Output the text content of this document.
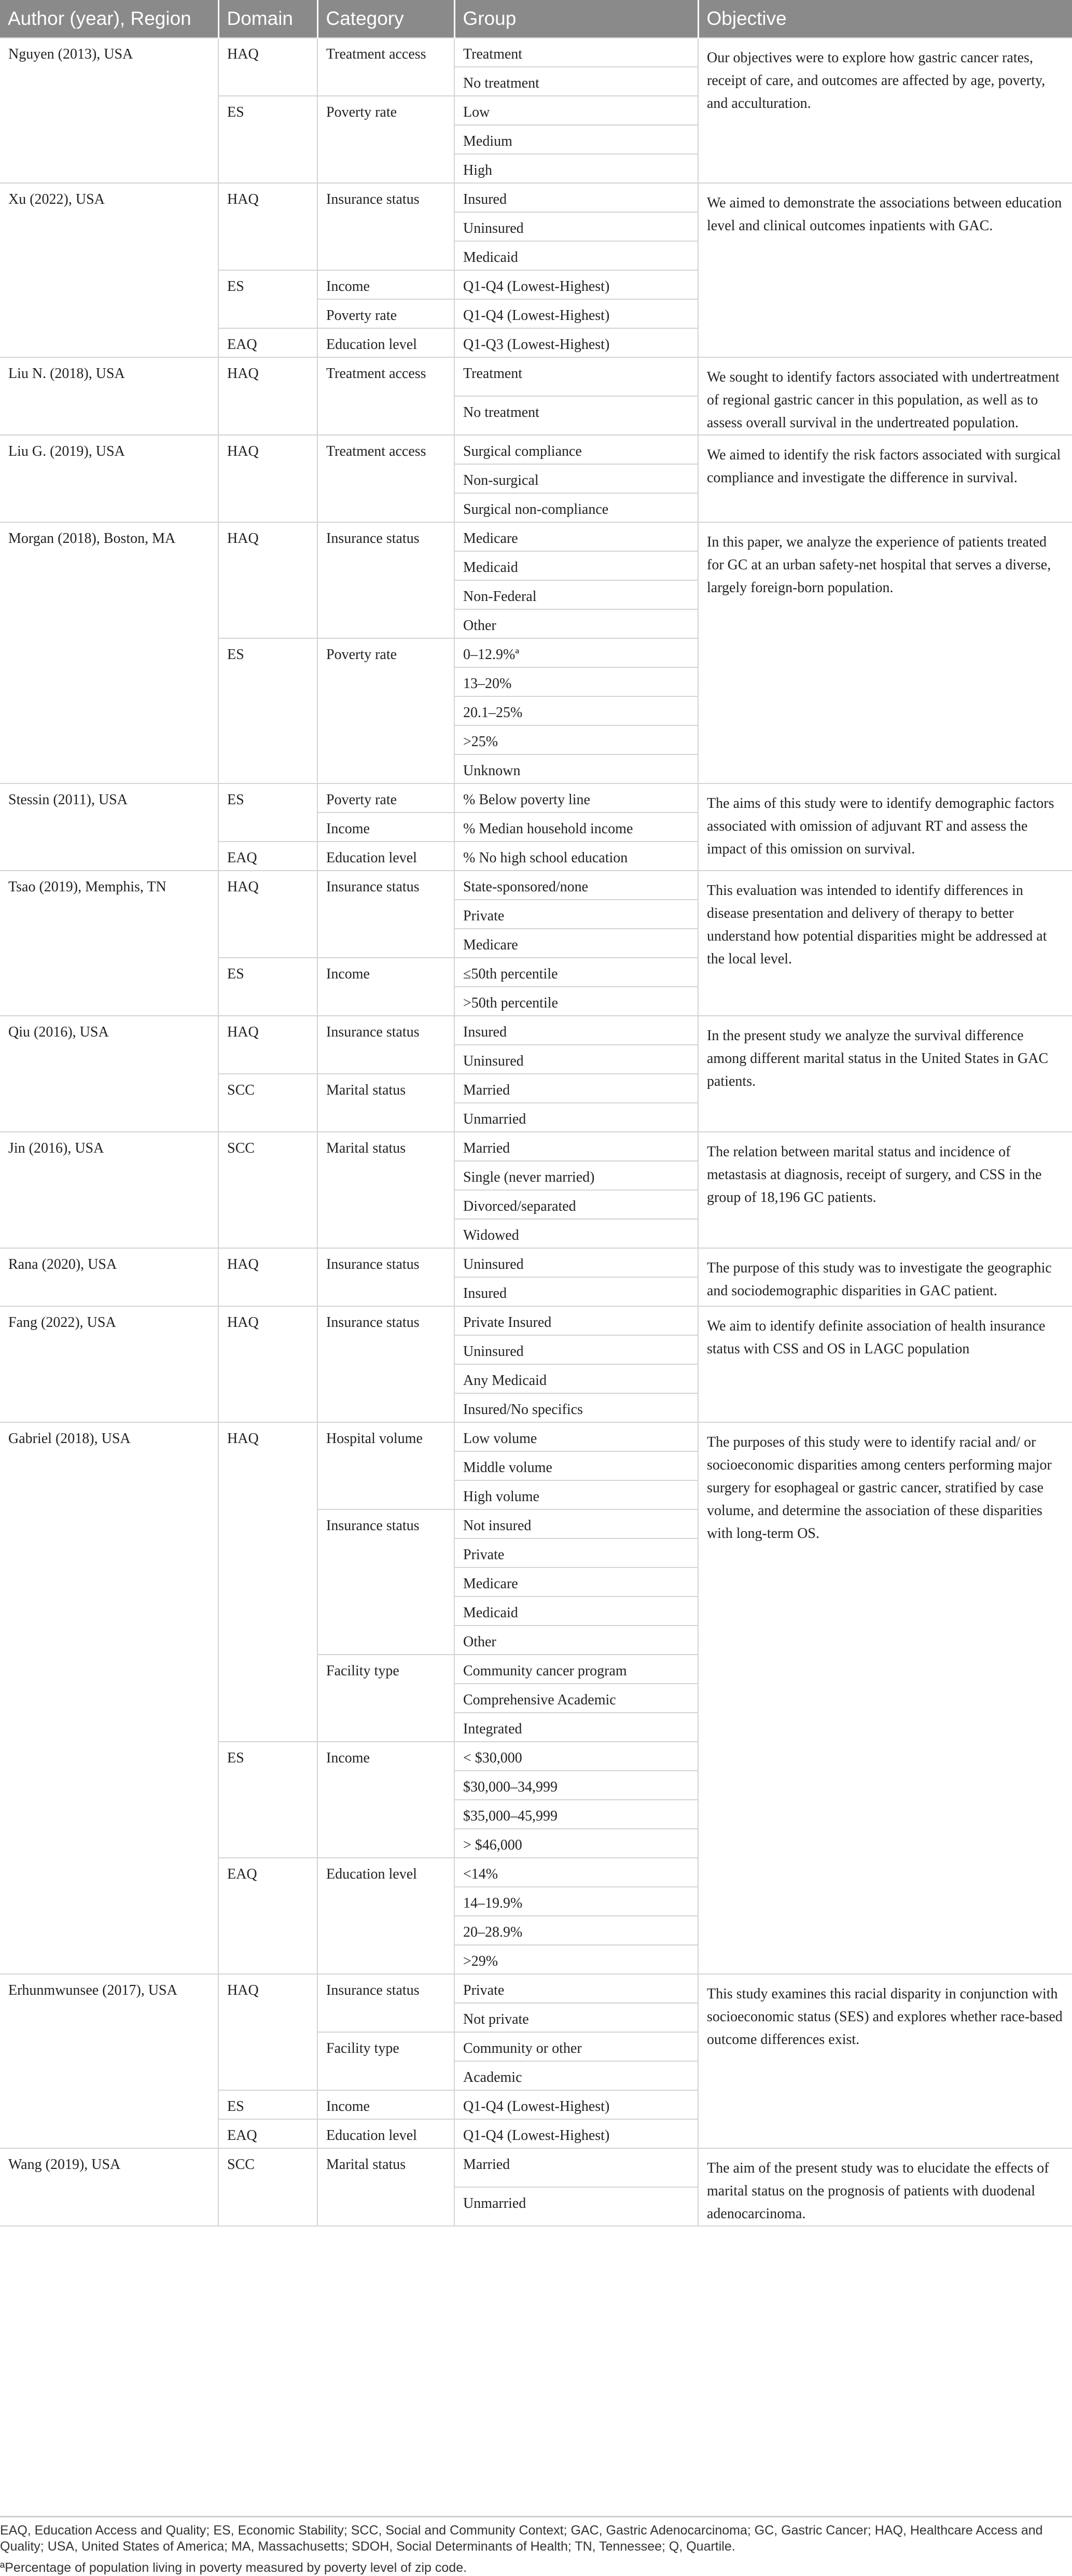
Author (year), Region	Domain	Category	Group	Objective
Nguyen (2013), USA	HAQ	Treatment access	Treatment	Our objectives were to explore how gastric cancer rates, receipt of care, and outcomes are affected by age, poverty, and acculturation.
			No treatment	
	ES	Poverty rate	Low	
			Medium	
			High	
Xu (2022), USA	HAQ	Insurance status	Insured	We aimed to demonstrate the associations between education level and clinical outcomes inpatients with GAC.
			Uninsured	
			Medicaid	
	ES	Income	Q1-Q4 (Lowest-Highest)	
		Poverty rate	Q1-Q4 (Lowest-Highest)	
	EAQ	Education level	Q1-Q3 (Lowest-Highest)	
Liu N. (2018), USA	HAQ	Treatment access	Treatment	We sought to identify factors associated with undertreatment of regional gastric cancer in this population, as well as to assess overall survival in the undertreated population.
			No treatment	
Liu G. (2019), USA	HAQ	Treatment access	Surgical compliance	We aimed to identify the risk factors associated with surgical compliance and investigate the difference in survival.
			Non-surgical	
			Surgical non-compliance	
Morgan (2018), Boston, MA	HAQ	Insurance status	Medicare	In this paper, we analyze the experience of patients treated for GC at an urban safety-net hospital that serves a diverse, largely foreign-born population.
			Medicaid	
			Non-Federal	
			Other	
	ES	Poverty rate	0–12.9%ª	
			13–20%	
			20.1–25%	
			>25%	
			Unknown	
Stessin (2011), USA	ES	Poverty rate	% Below poverty line	The aims of this study were to identify demographic factors associated with omission of adjuvant RT and assess the impact of this omission on survival.
		Income	% Median household income	
	EAQ	Education level	% No high school education	
Tsao (2019), Memphis, TN	HAQ	Insurance status	State-sponsored/none	This evaluation was intended to identify differences in disease presentation and delivery of therapy to better understand how potential disparities might be addressed at the local level.
			Private	
			Medicare	
	ES	Income	≤50th percentile	
			>50th percentile	
Qiu (2016), USA	HAQ	Insurance status	Insured	In the present study we analyze the survival difference among different marital status in the United States in GAC patients.
			Uninsured	
	SCC	Marital status	Married	
			Unmarried	
Jin (2016), USA	SCC	Marital status	Married	The relation between marital status and incidence of metastasis at diagnosis, receipt of surgery, and CSS in the group of 18,196 GC patients.
			Single (never married)	
			Divorced/separated	
			Widowed	
Rana (2020), USA	HAQ	Insurance status	Uninsured	The purpose of this study was to investigate the geographic and sociodemographic disparities in GAC patient.
			Insured	
Fang (2022), USA	HAQ	Insurance status	Private Insured	We aim to identify definite association of health insurance status with CSS and OS in LAGC population
			Uninsured	
			Any Medicaid	
			Insured/No specifics	
Gabriel (2018), USA	HAQ	Hospital volume	Low volume	The purposes of this study were to identify racial and/ or socioeconomic disparities among centers performing major surgery for esophageal or gastric cancer, stratified by case volume, and determine the association of these disparities with long-term OS.
			Middle volume	
			High volume	
		Insurance status	Not insured	
			Private	
			Medicare	
			Medicaid	
			Other	
		Facility type	Community cancer program	
			Comprehensive Academic	
			Integrated	
	ES	Income	< $30,000	
			$30,000–34,999	
			$35,000–45,999	
			> $46,000	
	EAQ	Education level	<14%	
			14–19.9%	
			20–28.9%	
			>29%	
Erhunmwunsee (2017), USA	HAQ	Insurance status	Private	This study examines this racial disparity in conjunction with socioeconomic status (SES) and explores whether race-based outcome differences exist.
			Not private	
		Facility type	Community or other	
			Academic	
	ES	Income	Q1-Q4 (Lowest-Highest)	
	EAQ	Education level	Q1-Q4 (Lowest-Highest)	
Wang (2019), USA	SCC	Marital status	Married	The aim of the present study was to elucidate the effects of marital status on the prognosis of patients with duodenal adenocarcinoma.
			Unmarried	

EAQ, Education Access and Quality; ES, Economic Stability; SCC, Social and Community Context; GAC, Gastric Adenocarcinoma; GC, Gastric Cancer; HAQ, Healthcare Access and Quality; USA, United States of America; MA, Massachusetts; SDOH, Social Determinants of Health; TN, Tennessee; Q, Quartile.

ªPercentage of population living in poverty measured by poverty level of zip code.
